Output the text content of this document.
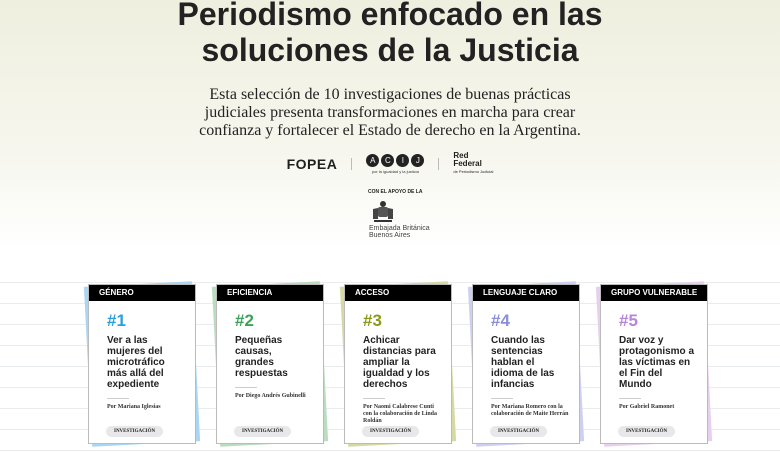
Periodismo enfocado en las
soluciones de la Justicia
Esta selección de 10 investigaciones de buenas prácticas
judiciales presenta transformaciones en marcha para crear
confianza y fortalecer el Estado de derecho en la Argentina.
FOPEA	A	C	I	J
por la igualdad y la justicia
Red
Federal
de Periodismo Judicial
CON EL APOYO DE LA
Embajada Británica
Buenos Aires
GÉNERO
#1
Ver a las mujeres del microtráfico más allá del expediente
Por Mariana Iglesias
INVESTIGACIÓN
EFICIENCIA
#2
Pequeñas causas, grandes respuestas
Por Diego Andrés Gubinelli
INVESTIGACIÓN
ACCESO
#3
Achicar distancias para ampliar la igualdad y los derechos
Por Naomi Calabrese Cunti con la colaboración de Linda Roldán
INVESTIGACIÓN
LENGUAJE CLARO
#4
Cuando las sentencias hablan el idioma de las infancias
Por Mariana Romero con la colaboración de Maite Herrán
INVESTIGACIÓN
GRUPO VULNERABLE
#5
Dar voz y protagonismo a las víctimas en el Fin del Mundo
Por Gabriel Ramonet
INVESTIGACIÓN
